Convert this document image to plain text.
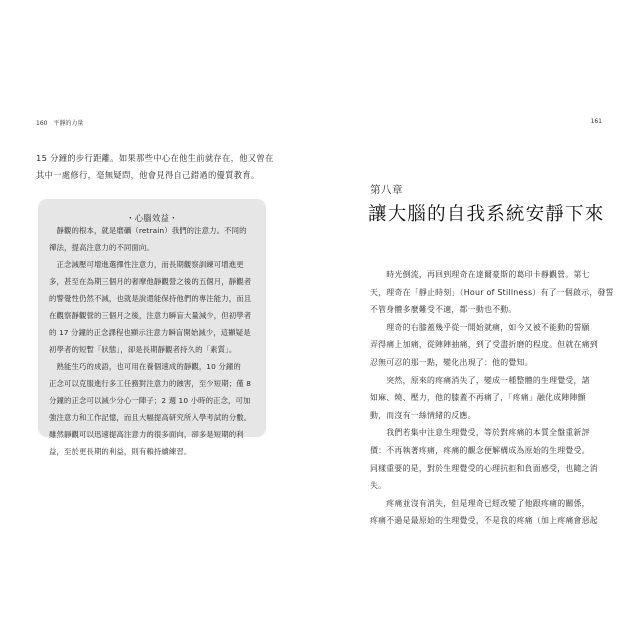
160 平靜的力量
15 分鐘的步行距離。如果那些中心在他生前就存在，他又曾在
其中一處修行，毫無疑問，他會見得自己錯過的優質教育。
・心腦效益・

　靜觀的根本，就是磨礪（retrain）我們的注意力。不同的

禪法，提高注意力的不同面向。

　正念減壓可增進選擇性注意力，而長期觀察訓練可增進更

多，甚至在為期三個月的奢摩他靜觀營之後的五個月，靜觀者

的警覺性仍然不減，也就是說還能保持他們的專注能力，而且

在觀察靜觀營的三個月之後，注意力瞬盲大量減少，但初學者

的 17 分鐘的正念課程也顯示注意力瞬盲開始減少，這顯疑是

初學者的短暫「狀態」，卻是長期靜觀者持久的「素質」。

　熟能生巧的成語，也可用在養個速成的靜觀，10 分鐘的

正念可以克服進行多工任務對注意力的蝕害，至少短期；僅 8

分鐘的正念可以減少分心一陣子；2 週 10 小時的正念，可加

強注意力和工作記憶，而且大幅提高研究所入學考試的分數。

雖然靜觀可以迅速提高注意力的很多面向，卻多是短期的利

益，至於更長期的利益，則有賴持續練習。

161
第八章
讓大腦的自我系統安靜下來

　　時光倒流，再回到理奇在達爾豪斯的葛印卡靜觀營。第七

天，理奇在「靜止時刻」（Hour of Stillness）有了一個啟示，發誓

不管身體多麼難受不適，都一動也不動。

　　理奇的右膝蓋幾乎從一開始就痛，如今又被不能動的誓願

弄得痛上加痛，從陣陣抽痛，到了受盡折磨的程度。但就在痛到

忍無可忍的那一點，變化出現了：他的覺知。

　　突然，原來的疼痛消失了，變成一種整體的生理覺受，諸

如麻、燒、壓力，他的膝蓋不再痛了，「疼痛」融化成陣陣顫

動，而沒有一絲情緒的反應。

　　我們若集中注意生理覺受，等於對疼痛的本質全盤重新評

價：不再執著疼痛，疼痛的觀念便解構成為原始的生理覺受。

同樣重要的是，對於生理覺受的心理抗拒和負面感受，也隨之消

失。

　　疼痛並沒有消失，但是理奇已經改變了他跟疼痛的關係，

疼痛不過是最原始的生理覺受，不是我的疼痛（加上疼痛會惡起
